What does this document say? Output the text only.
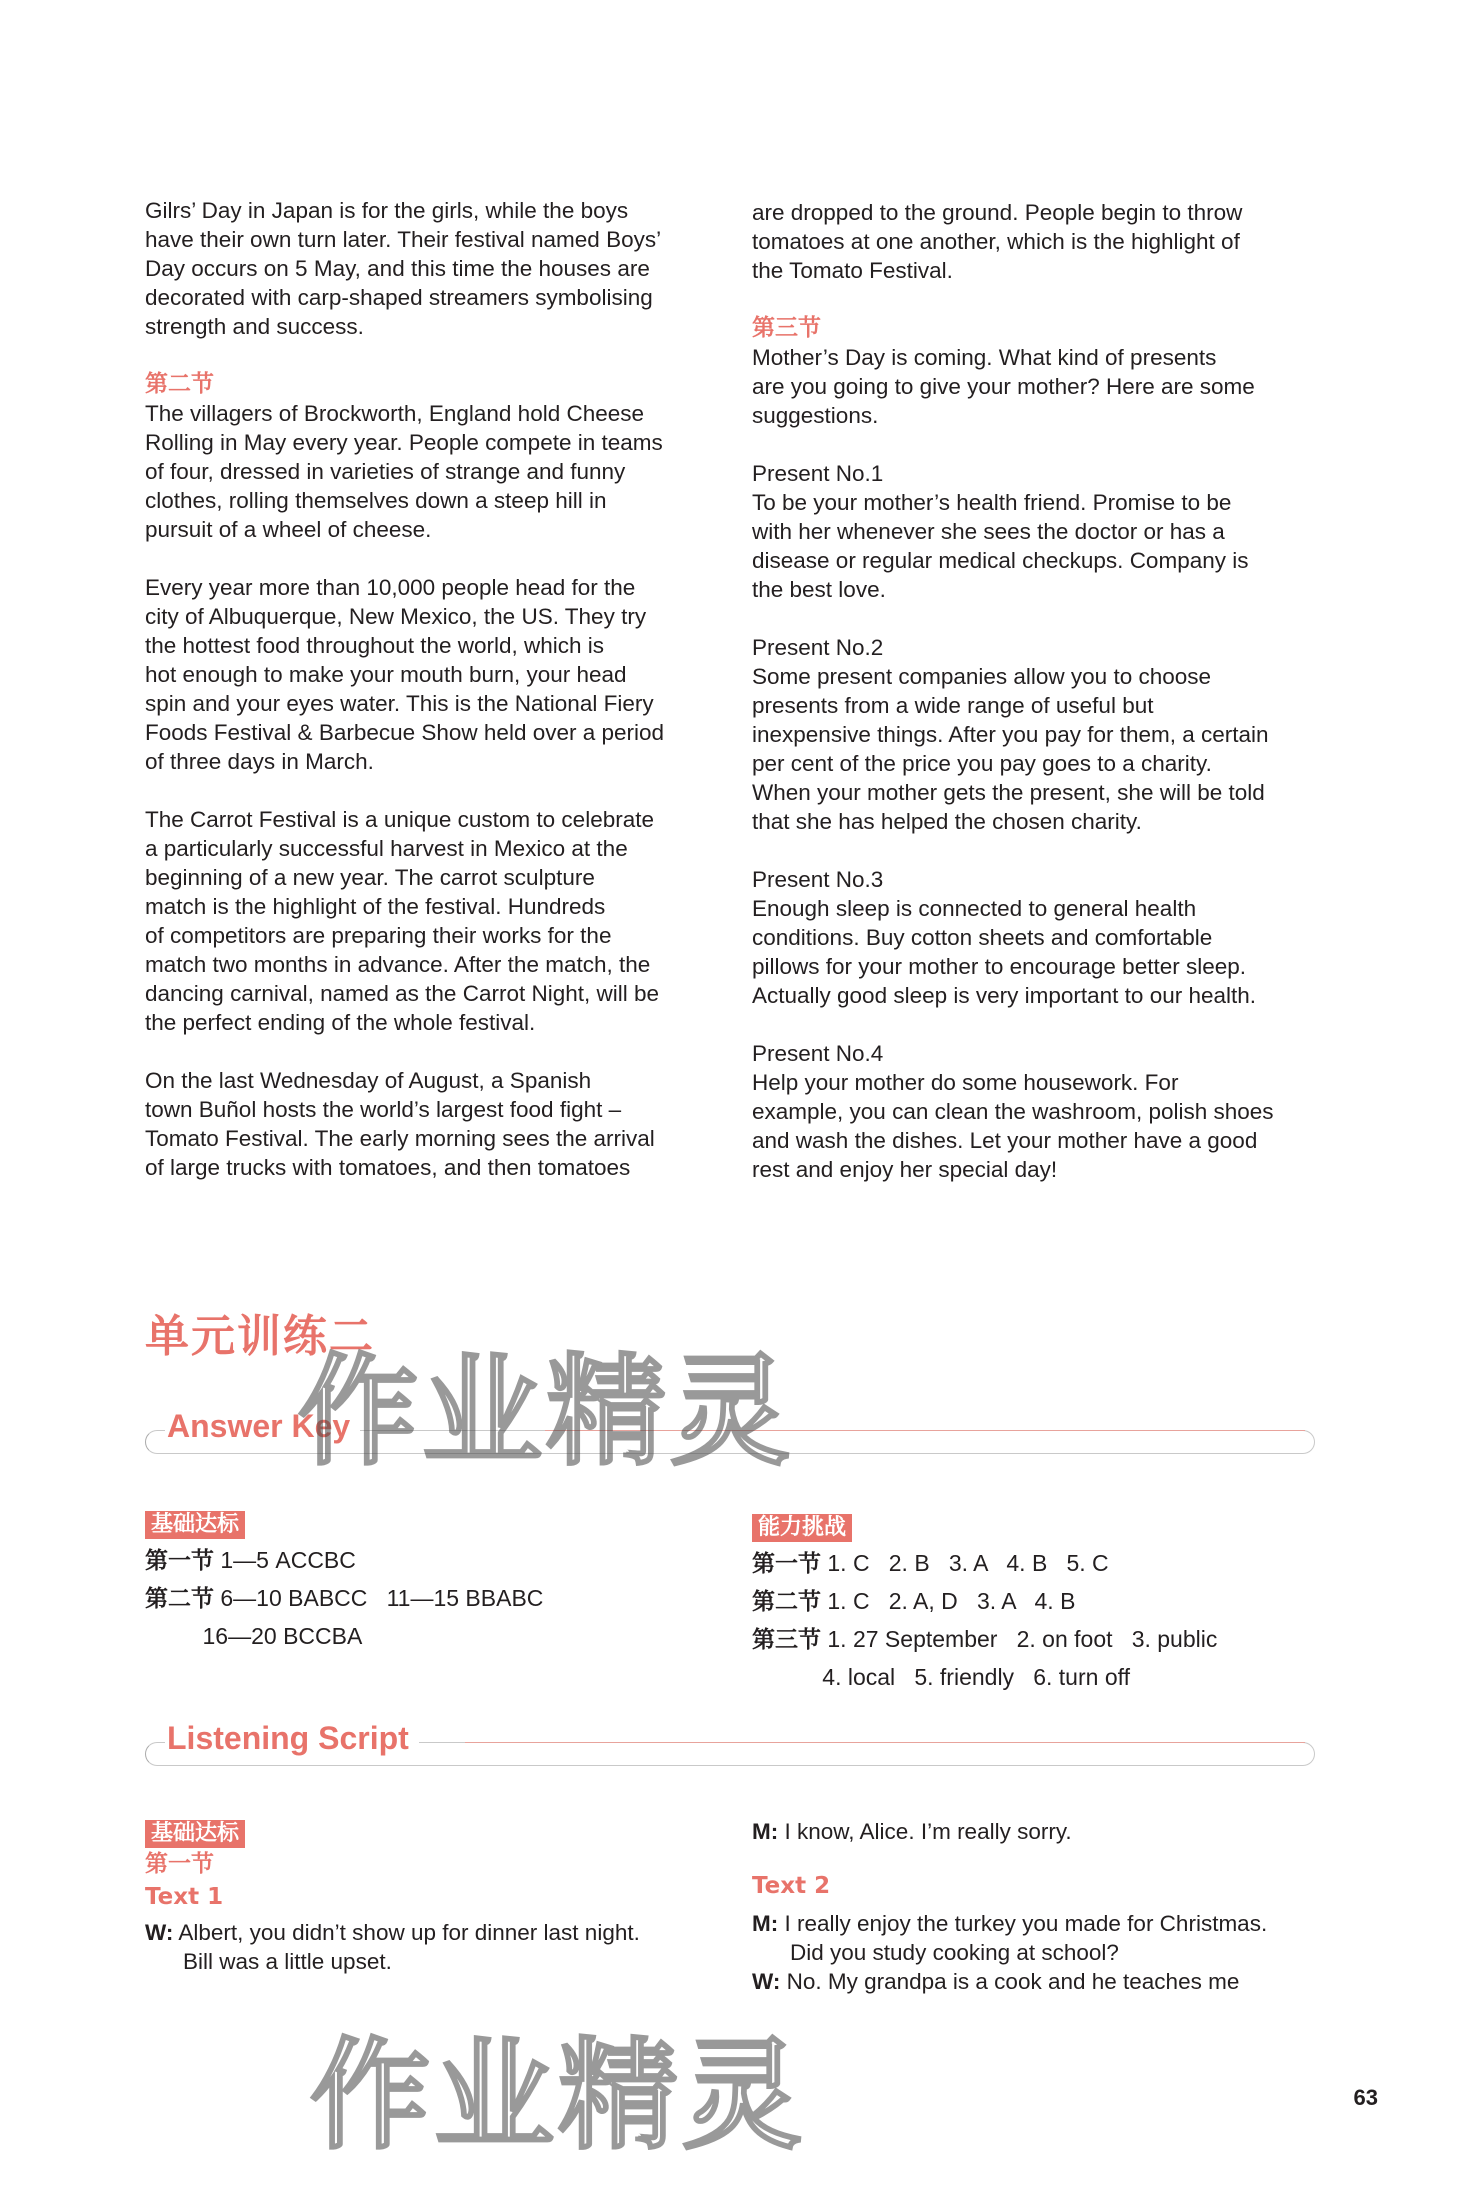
Gilrs’ Day in Japan is for the girls, while the boys
have their own turn later. Their festival named Boys’
Day occurs on 5 May, and this time the houses are
decorated with carp-shaped streamers symbolising
strength and success.

第二节

The villagers of Brockworth, England hold Cheese
Rolling in May every year. People compete in teams
of four, dressed in varieties of strange and funny
clothes, rolling themselves down a steep hill in
pursuit of a wheel of cheese.

Every year more than 10,000 people head for the
city of Albuquerque, New Mexico, the US. They try
the hottest food throughout the world, which is
hot enough to make your mouth burn, your head
spin and your eyes water. This is the National Fiery
Foods Festival & Barbecue Show held over a period
of three days in March.

The Carrot Festival is a unique custom to celebrate
a particularly successful harvest in Mexico at the
beginning of a new year. The carrot sculpture
match is the highlight of the festival. Hundreds
of competitors are preparing their works for the
match two months in advance. After the match, the
dancing carnival, named as the Carrot Night, will be
the perfect ending of the whole festival.

On the last Wednesday of August, a Spanish
town Buñol hosts the world’s largest food fight –
Tomato Festival. The early morning sees the arrival
of large trucks with tomatoes, and then tomatoes

are dropped to the ground. People begin to throw
tomatoes at one another, which is the highlight of
the Tomato Festival.

第三节

Mother’s Day is coming. What kind of presents
are you going to give your mother? Here are some
suggestions.

Present No.1
To be your mother’s health friend. Promise to be
with her whenever she sees the doctor or has a
disease or regular medical checkups. Company is
the best love.

Present No.2
Some present companies allow you to choose
presents from a wide range of useful but
inexpensive things. After you pay for them, a certain
per cent of the price you pay goes to a charity.
When your mother gets the present, she will be told
that she has helped the chosen charity.

Present No.3
Enough sleep is connected to general health
conditions. Buy cotton sheets and comfortable
pillows for your mother to encourage better sleep.
Actually good sleep is very important to our health.

Present No.4
Help your mother do some housework. For
example, you can clean the washroom, polish shoes
and wash the dishes. Let your mother have a good
rest and enjoy her special day!

单元训练二
Answer Key
基础达标
第一节 1—5 ACCBC
第二节 6—10 BABCC   11—15 BBABC
16—20 BCCBA
能力挑战
第一节 1. C   2. B   3. A   4. B   5. C
第二节 1. C   2. A, D   3. A   4. B
第三节 1. 27 September   2. on foot   3. public
4. local   5. friendly   6. turn off
Listening Script
基础达标
第一节
Text 1

W: Albert, you didn’t show up for dinner last night.
Bill was a little upset.

M: I know, Alice. I’m really sorry.

Text 2

M: I really enjoy the turkey you made for Christmas.
Did you study cooking at school?

W: No. My grandpa is a cook and he teaches me

作业精灵
作业精灵	63
